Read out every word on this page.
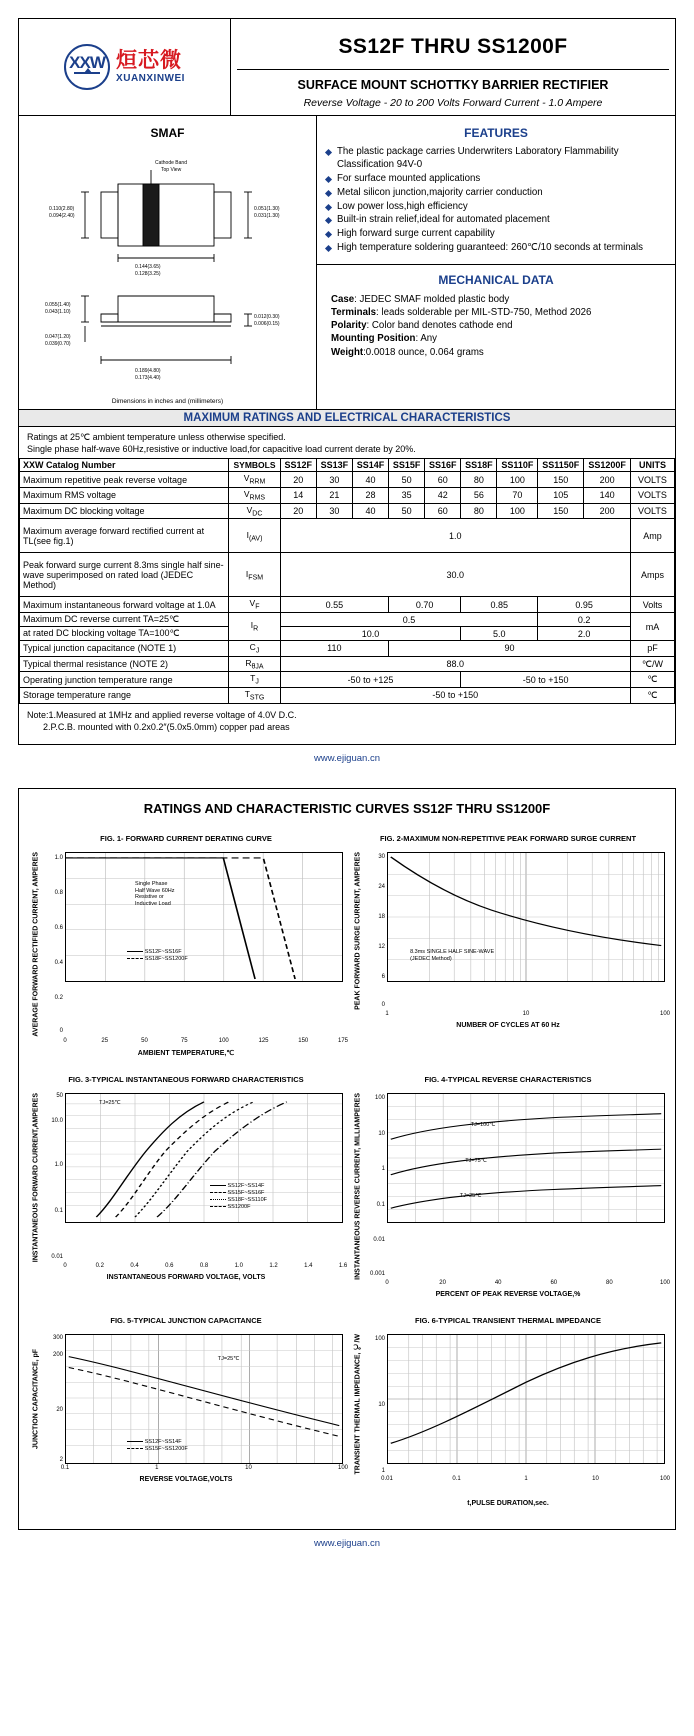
XXW 烜芯微
XUANXINWEI
SS12F THRU SS1200F
SURFACE MOUNT SCHOTTKY BARRIER RECTIFIER
Reverse Voltage - 20 to 200 Volts Forward Current - 1.0 Ampere
SMAF
Cathode Band
Top View
0.110(2.80)
0.094(2.40)
0.051(1.30)
0.031(1.30)
0.144(3.65)
0.128(3.25)
0.055(1.40)
0.043(1.10)
0.047(1.20)
0.039(0.70)
0.012(0.30)
0.006(0.15)
0.189(4.80)
0.173(4.40)
Dimensions in inches and (millimeters)
FEATURES
The plastic package carries Underwriters Laboratory Flammability Classification 94V-0
For surface mounted applications
Metal silicon junction,majority carrier conduction
Low power loss,high efficiency
Built-in strain relief,ideal for automated placement
High forward surge current capability
High temperature soldering guaranteed: 260℃/10 seconds at terminals
MECHANICAL DATA
Case: JEDEC SMAF molded plastic body
Terminals: leads solderable per MIL-STD-750, Method 2026
Polarity: Color band denotes cathode end
Mounting Position: Any
Weight:0.0018 ounce, 0.064 grams
MAXIMUM RATINGS AND ELECTRICAL CHARACTERISTICS
Ratings at 25℃ ambient temperature unless otherwise specified.
Single phase half-wave 60Hz,resistive or inductive load,for capacitive load current derate by 20%.
XXW Catalog Number	SYMBOLS	SS12F	SS13F	SS14F	SS15F	SS16F	SS18F	SS110F	SS1150F	SS1200F	UNITS
Maximum repetitive peak reverse voltage	$V_{RRM}$	20	30	40	50	60	80	100	150	200	VOLTS
Maximum RMS voltage	$V_{RMS}$	14	21	28	35	42	56	70	105	140	VOLTS
Maximum DC blocking voltage	$V_{DC}$	20	30	40	50	60	80	100	150	200	VOLTS
Maximum average forward rectified current at TL(see fig.1)	$I_{(AV)}$	1.0									Amp
Peak forward surge current 8.3ms single half sine-wave superimposed on rated load (JEDEC Method)	$I_{FSM}$	30.0									Amps
Maximum instantaneous forward voltage at 1.0A	$V_F$	0.55			0.70		0.85		0.95		Volts
Maximum DC reverse current TA=25℃	$I_R$	0.5							0.2		mA
at rated DC blocking voltage TA=100℃		10.0					5.0		2.0		
Typical junction capacitance (NOTE 1)	$C_J$	110			90						pF
Typical thermal resistance (NOTE 2)	$R_{\theta JA}$	88.0									℃/W
Operating junction temperature range	$T_J$	-50 to +125					-50 to +150				℃
Storage temperature range	$T_{STG}$	-50 to +150									℃
Note:1.Measured at 1MHz and applied reverse voltage of 4.0V D.C.
2.P.C.B. mounted with 0.2x0.2″(5.0x5.0mm) copper pad areas
www.ejiguan.cn
RATINGS AND CHARACTERISTIC CURVES SS12F THRU SS1200F
FIG. 1- FORWARD CURRENT DERATING CURVE
AVERAGE FORWARD RECTIFIED CURRENT, AMPERES	1.0
0.8
0.6
0.4
0.2
0
Single Phase
Half Wave 60Hz
Resistive or
Inductive Load
SS12F~SS16F
SS18F~SS1200F
0	25	50	75	100	125	150	175
AMBIENT TEMPERATURE,℃
FIG. 2-MAXIMUM NON-REPETITIVE PEAK FORWARD SURGE CURRENT
PEAK FORWARD SURGE CURRENT, AMPERES	30
24
18
12
6
0
8.3ms SINGLE HALF SINE-WAVE
(JEDEC Method)
1	10	100
NUMBER OF CYCLES AT 60 Hz
FIG. 3-TYPICAL INSTANTANEOUS FORWARD CHARACTERISTICS
INSTANTANEOUS FORWARD CURRENT,AMPERES	50
10.0
1.0
0.1
0.01
TJ=25℃
SS12F~SS14F
SS15F~SS16F
SS18F~SS110F
SS1200F
0	0.2	0.4	0.6	0.8	1.0	1.2	1.4	1.6
INSTANTANEOUS FORWARD VOLTAGE, VOLTS
FIG. 4-TYPICAL REVERSE CHARACTERISTICS
INSTANTANEOUS REVERSE CURRENT, MILLIAMPERES	100
10
1
0.1
0.01
0.001
TJ=100℃
TJ=75℃
TJ=25℃
0	20	40	60	80	100
PERCENT OF PEAK REVERSE VOLTAGE,%
FIG. 5-TYPICAL JUNCTION CAPACITANCE
JUNCTION CAPACITANCE, pF
300
200
20
2
TJ=25℃
SS12F~SS14F
SS15F~SS1200F
0.1	1	10	100
REVERSE VOLTAGE,VOLTS
FIG. 6-TYPICAL TRANSIENT THERMAL IMPEDANCE
TRANSIENT THERMAL IMPEDANCE, ℃/W	100
10
1
0.01	0.1	1	10	100
t,PULSE DURATION,sec.
www.ejiguan.cn
